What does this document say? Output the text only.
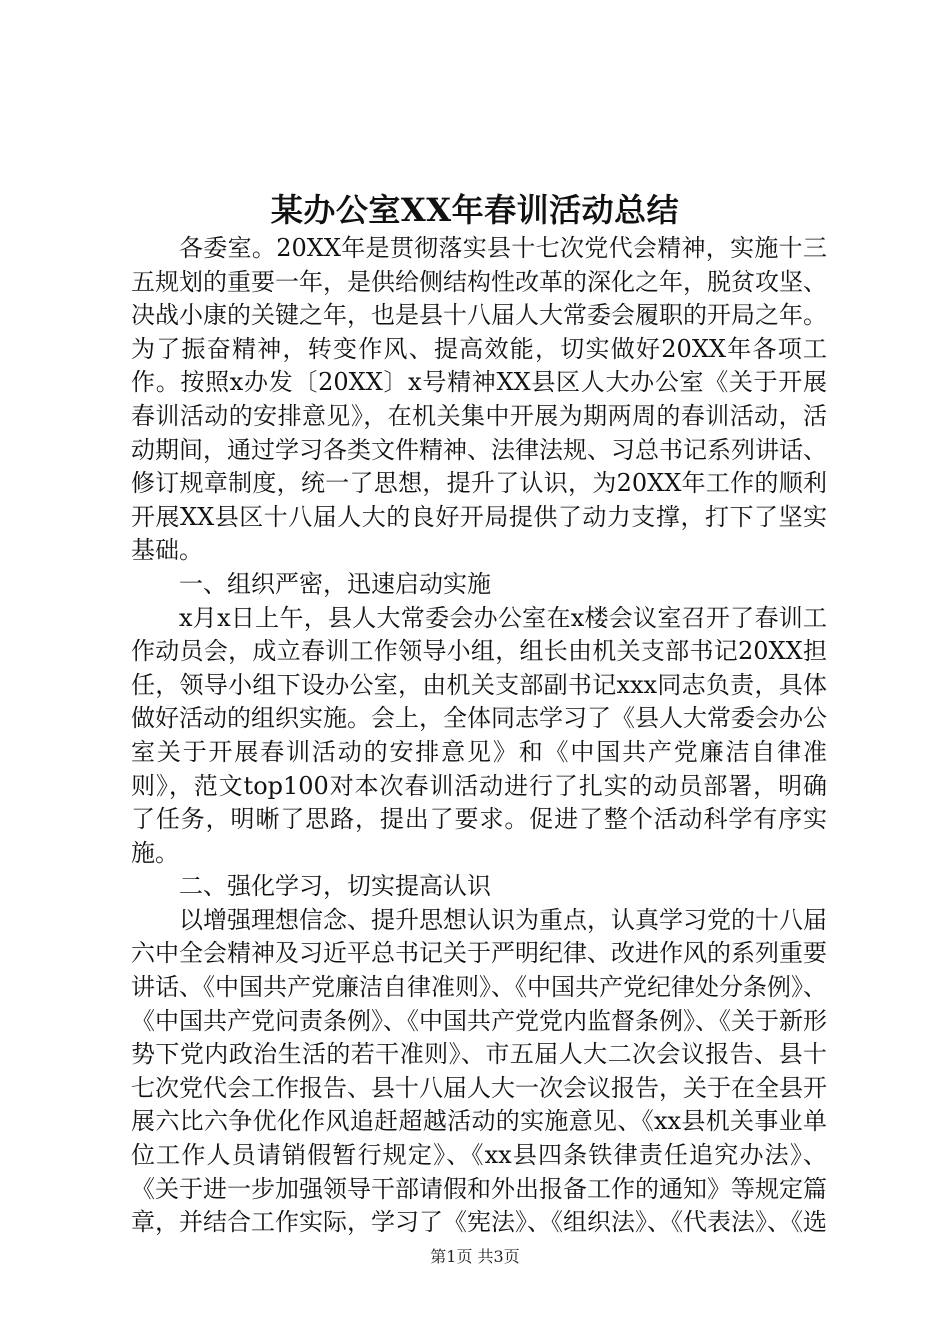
某办公室XX年春训活动总结

各委室。20XX年是贯彻落实县十七次党代会精神，实施十三五规划的重要一年，是供给侧结构性改革的深化之年，脱贫攻坚、决战小康的关键之年，也是县十八届人大常委会履职的开局之年。为了振奋精神，转变作风、提高效能，切实做好20XX年各项工作。按照x办发〔20XX〕x号精神XX县区人大办公室《关于开展春训活动的安排意见》，在机关集中开展为期两周的春训活动，活动期间，通过学习各类文件精神、法律法规、习总书记系列讲话、修订规章制度，统一了思想，提升了认识，为20XX年工作的顺利开展XX县区十八届人大的良好开局提供了动力支撑，打下了坚实基础。

一、组织严密，迅速启动实施

x月x日上午，县人大常委会办公室在x楼会议室召开了春训工作动员会，成立春训工作领导小组，组长由机关支部书记20XX担任，领导小组下设办公室，由机关支部副书记xxx同志负责，具体做好活动的组织实施。会上，全体同志学习了《县人大常委会办公室关于开展春训活动的安排意见》和《中国共产党廉洁自律准则》，范文top100对本次春训活动进行了扎实的动员部署，明确了任务，明晰了思路，提出了要求。促进了整个活动科学有序实施。

二、强化学习，切实提高认识

以增强理想信念、提升思想认识为重点，认真学习党的十八届六中全会精神及习近平总书记关于严明纪律、改进作风的系列重要讲话、《中国共产党廉洁自律准则》、《中国共产党纪律处分条例》、《中国共产党问责条例》、《中国共产党党内监督条例》、《关于新形势下党内政治生活的若干准则》、市五届人大二次会议报告、县十七次党代会工作报告、县十八届人大一次会议报告，关于在全县开展六比六争优化作风追赶超越活动的实施意见、《xx县机关事业单位工作人员请销假暂行规定》、《xx县四条铁律责任追究办法》、《关于进一步加强领导干部请假和外出报备工作的通知》等规定篇章，并结合工作实际，学习了《宪法》、《组织法》、《代表法》、《选

第1页 共3页
